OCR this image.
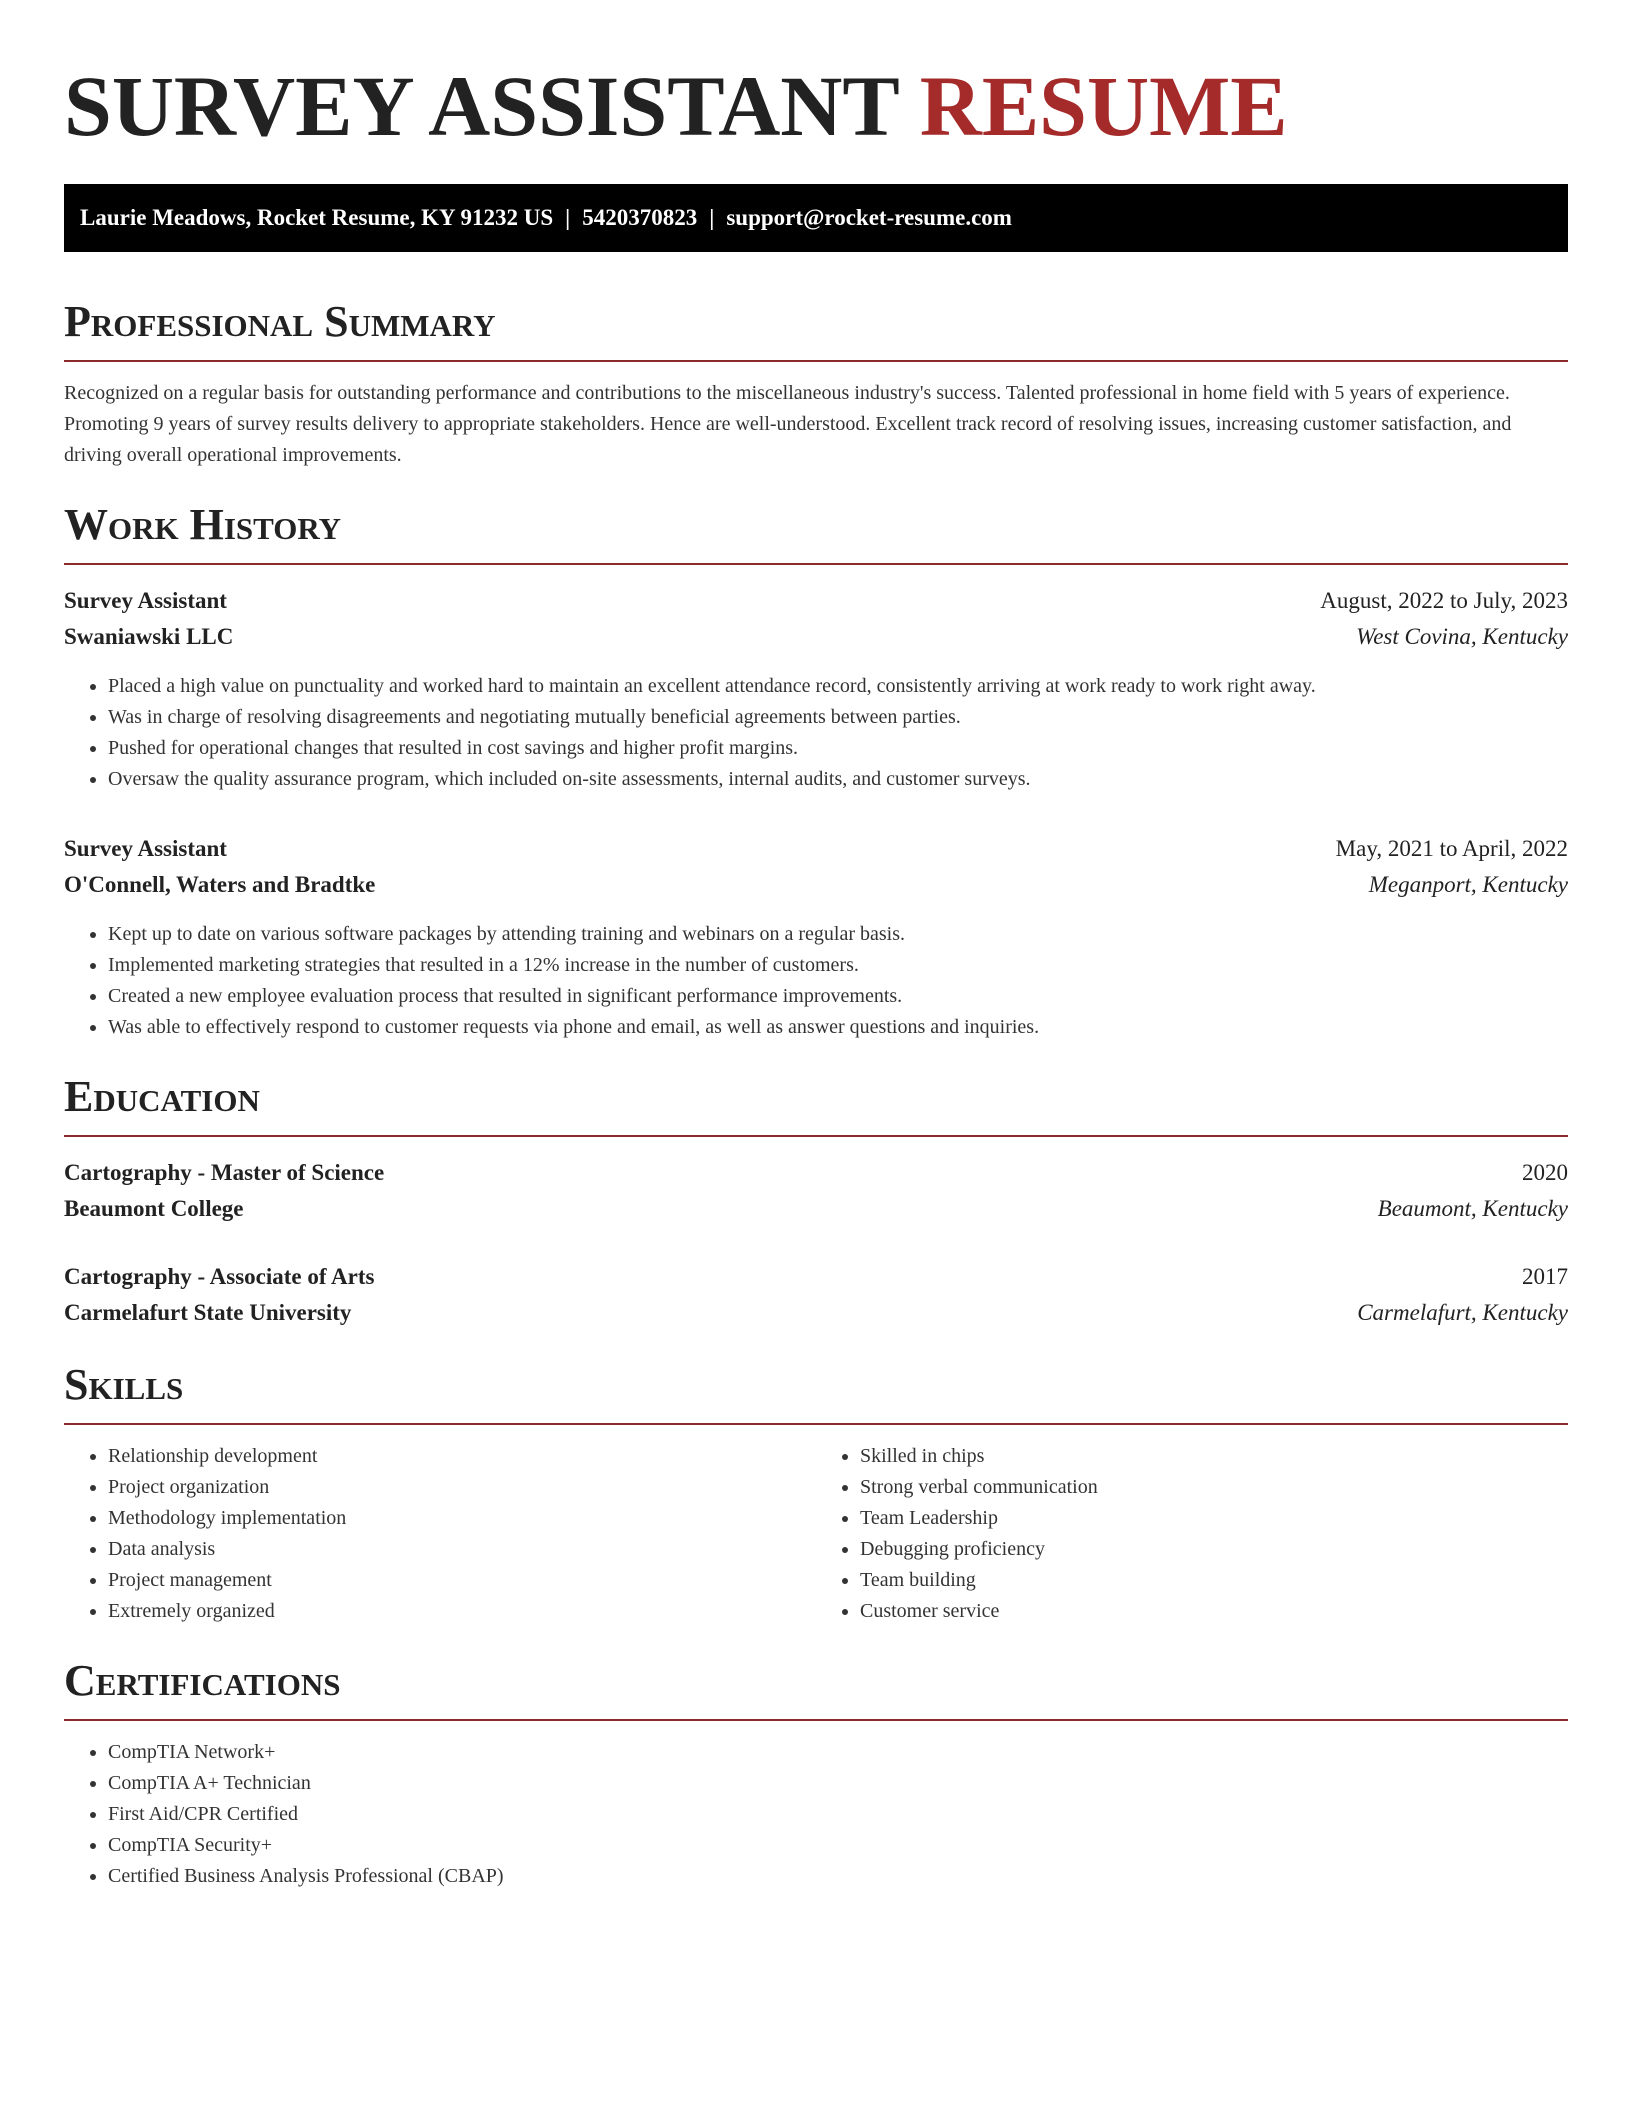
SURVEY ASSISTANT RESUME
Laurie Meadows, Rocket Resume, KY 91232 US | 5420370823 | support@rocket-resume.com
Professional Summary

Recognized on a regular basis for outstanding performance and contributions to the miscellaneous industry's success. Talented professional in home field with 5 years of experience. Promoting 9 years of survey results delivery to appropriate stakeholders. Hence are well-understood. Excellent track record of resolving issues, increasing customer satisfaction, and driving overall operational improvements.

Work History
Survey Assistant	August, 2022 to July, 2023
Swaniawski LLC	West Covina, Kentucky
• Placed a high value on punctuality and worked hard to maintain an excellent attendance record, consistently arriving at work ready to work right away.
• Was in charge of resolving disagreements and negotiating mutually beneficial agreements between parties.
• Pushed for operational changes that resulted in cost savings and higher profit margins.
• Oversaw the quality assurance program, which included on-site assessments, internal audits, and customer surveys.
Survey Assistant	May, 2021 to April, 2022
O'Connell, Waters and Bradtke	Meganport, Kentucky
• Kept up to date on various software packages by attending training and webinars on a regular basis.
• Implemented marketing strategies that resulted in a 12% increase in the number of customers.
• Created a new employee evaluation process that resulted in significant performance improvements.
• Was able to effectively respond to customer requests via phone and email, as well as answer questions and inquiries.
Education
Cartography - Master of Science	2020
Beaumont College	Beaumont, Kentucky
Cartography - Associate of Arts	2017
Carmelafurt State University	Carmelafurt, Kentucky
Skills
• Relationship development
• Project organization
• Methodology implementation
• Data analysis
• Project management
• Extremely organized
• Skilled in chips
• Strong verbal communication
• Team Leadership
• Debugging proficiency
• Team building
• Customer service
Certifications
• CompTIA Network+
• CompTIA A+ Technician
• First Aid/CPR Certified
• CompTIA Security+
• Certified Business Analysis Professional (CBAP)
